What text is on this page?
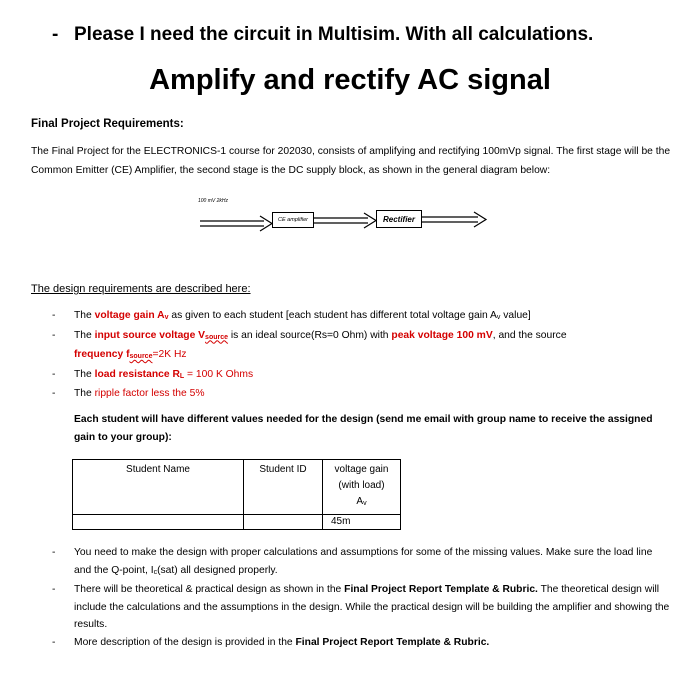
- Please I need the circuit in Multisim. With all calculations.
Amplify and rectify AC signal
Final Project Requirements:
The Final Project for the ELECTRONICS-1 course for 202030, consists of amplifying and rectifying 100mVp signal. The first stage will be the Common Emitter (CE) Amplifier, the second stage is the DC supply block, as shown in the general diagram below:
100 mV 2kHz
CE amplifier	Rectifier
The design requirements are described here:
- The voltage gain $A_v$ as given to each student [each student has different total voltage gain $A_v$ value]
- The input source voltage $V_{source}$ is an ideal source(Rs=0 Ohm) with peak voltage 100 mV, and the source
frequency $f_{source}=2K$ Hz
- The load resistance $R_L = 100$ K Ohms
- The ripple factor less the 5%
Each student will have different values needed for the design (send me email with group name to receive the assigned gain to your group):
Student Name	Student ID	voltage gain
(with load)
$A_v$

		45m
- You need to make the design with proper calculations and assumptions for some of the missing values. Make sure the load line and the Q-point, $I_c(sat)$ all designed properly.
- There will be theoretical & practical design as shown in the Final Project Report Template & Rubric. The theoretical design will include the calculations and the assumptions in the design. While the practical design will be building the amplifier and showing the results.
- More description of the design is provided in the Final Project Report Template & Rubric.
